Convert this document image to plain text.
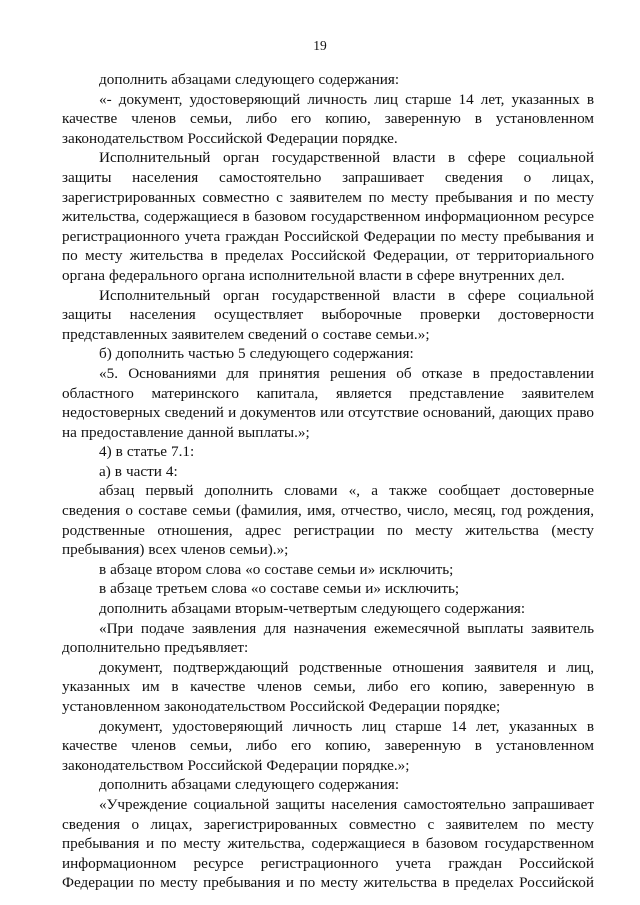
19

дополнить абзацами следующего содержания:

«- документ, удостоверяющий личность лиц старше 14 лет, указанных в качестве членов семьи, либо его копию, заверенную в установленном законодательством Российской Федерации порядке.

Исполнительный орган государственной власти в сфере социальной защиты населения самостоятельно запрашивает сведения о лицах, зарегистрированных совместно с заявителем по месту пребывания и по месту жительства, содержащиеся в базовом государственном информационном ресурсе регистрационного учета граждан Российской Федерации по месту пребывания и по месту жительства в пределах Российской Федерации, от территориального органа федерального органа исполнительной власти в сфере внутренних дел.

Исполнительный орган государственной власти в сфере социальной защиты населения осуществляет выборочные проверки достоверности представленных заявителем сведений о составе семьи.»;

б) дополнить частью 5 следующего содержания:

«5. Основаниями для принятия решения об отказе в предоставлении областного материнского капитала, является представление заявителем недостоверных сведений и документов или отсутствие оснований, дающих право на предоставление данной выплаты.»;

4) в статье 7.1:

а) в части 4:

абзац первый дополнить словами «, а также сообщает достоверные сведения о составе семьи (фамилия, имя, отчество, число, месяц, год рождения, родственные отношения, адрес регистрации по месту жительства (месту пребывания) всех членов семьи).»;

в абзаце втором слова «о составе семьи и» исключить;

в абзаце третьем слова «о составе семьи и» исключить;

дополнить абзацами вторым-четвертым следующего содержания:

«При подаче заявления для назначения ежемесячной выплаты заявитель дополнительно предъявляет:

документ, подтверждающий родственные отношения заявителя и лиц, указанных им в качестве членов семьи, либо его копию, заверенную в установленном законодательством Российской Федерации порядке;

документ, удостоверяющий личность лиц старше 14 лет, указанных в качестве членов семьи, либо его копию, заверенную в установленном законодательством Российской Федерации порядке.»;

дополнить абзацами следующего содержания:

«Учреждение социальной защиты населения самостоятельно запрашивает сведения о лицах, зарегистрированных совместно с заявителем по месту пребывания и по месту жительства, содержащиеся в базовом государственном информационном ресурсе регистрационного учета граждан Российской Федерации по месту пребывания и по месту жительства в пределах Российской
